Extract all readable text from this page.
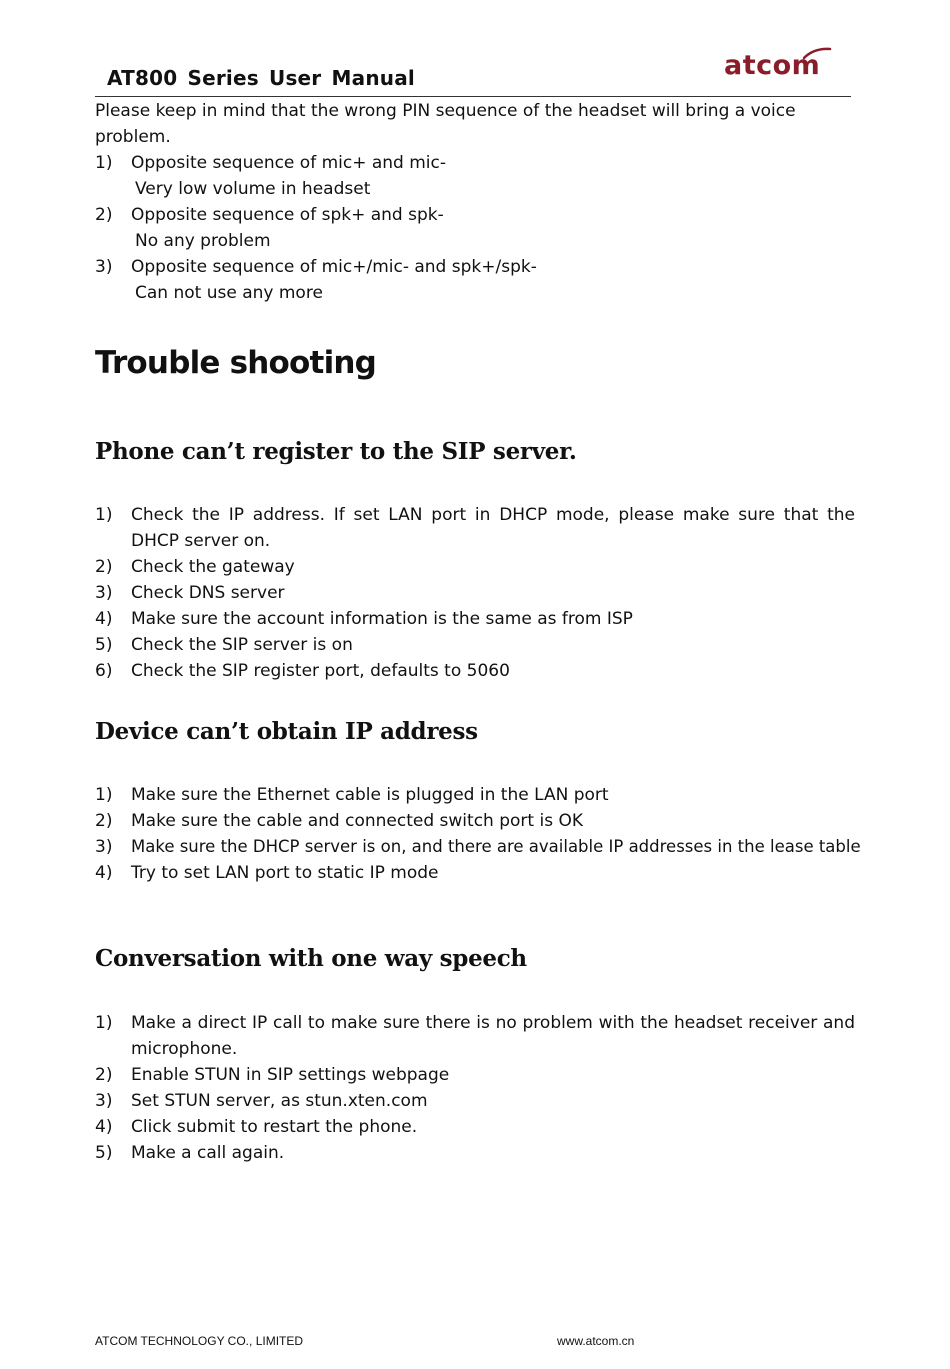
AT800 Series User Manual	atcom
Please keep in mind that the wrong PIN sequence of the headset will bring a voice problem.
1)	Opposite sequence of mic+ and mic-
Very low volume in headset
2)	Opposite sequence of spk+ and spk-
No any problem
3)	Opposite sequence of mic+/mic- and spk+/spk-
Can not use any more
Trouble shooting
Phone can’t register to the SIP server.
1)	Check the IP address. If set LAN port in DHCP mode, please make sure that the DHCP server on.
2)	Check the gateway
3)	Check DNS server
4)	Make sure the account information is the same as from ISP
5)	Check the SIP server is on
6)	Check the SIP register port, defaults to 5060
Device can’t obtain IP address
1)	Make sure the Ethernet cable is plugged in the LAN port
2)	Make sure the cable and connected switch port is OK
3)	Make sure the DHCP server is on, and there are available IP addresses in the lease table
4)	Try to set LAN port to static IP mode
Conversation with one way speech
1)	Make a direct IP call to make sure there is no problem with the headset receiver and microphone.
2)	Enable STUN in SIP settings webpage
3)	Set STUN server, as stun.xten.com
4)	Click submit to restart the phone.
5)	Make a call again.
ATCOM TECHNOLOGY CO., LIMITED	www.atcom.cn
